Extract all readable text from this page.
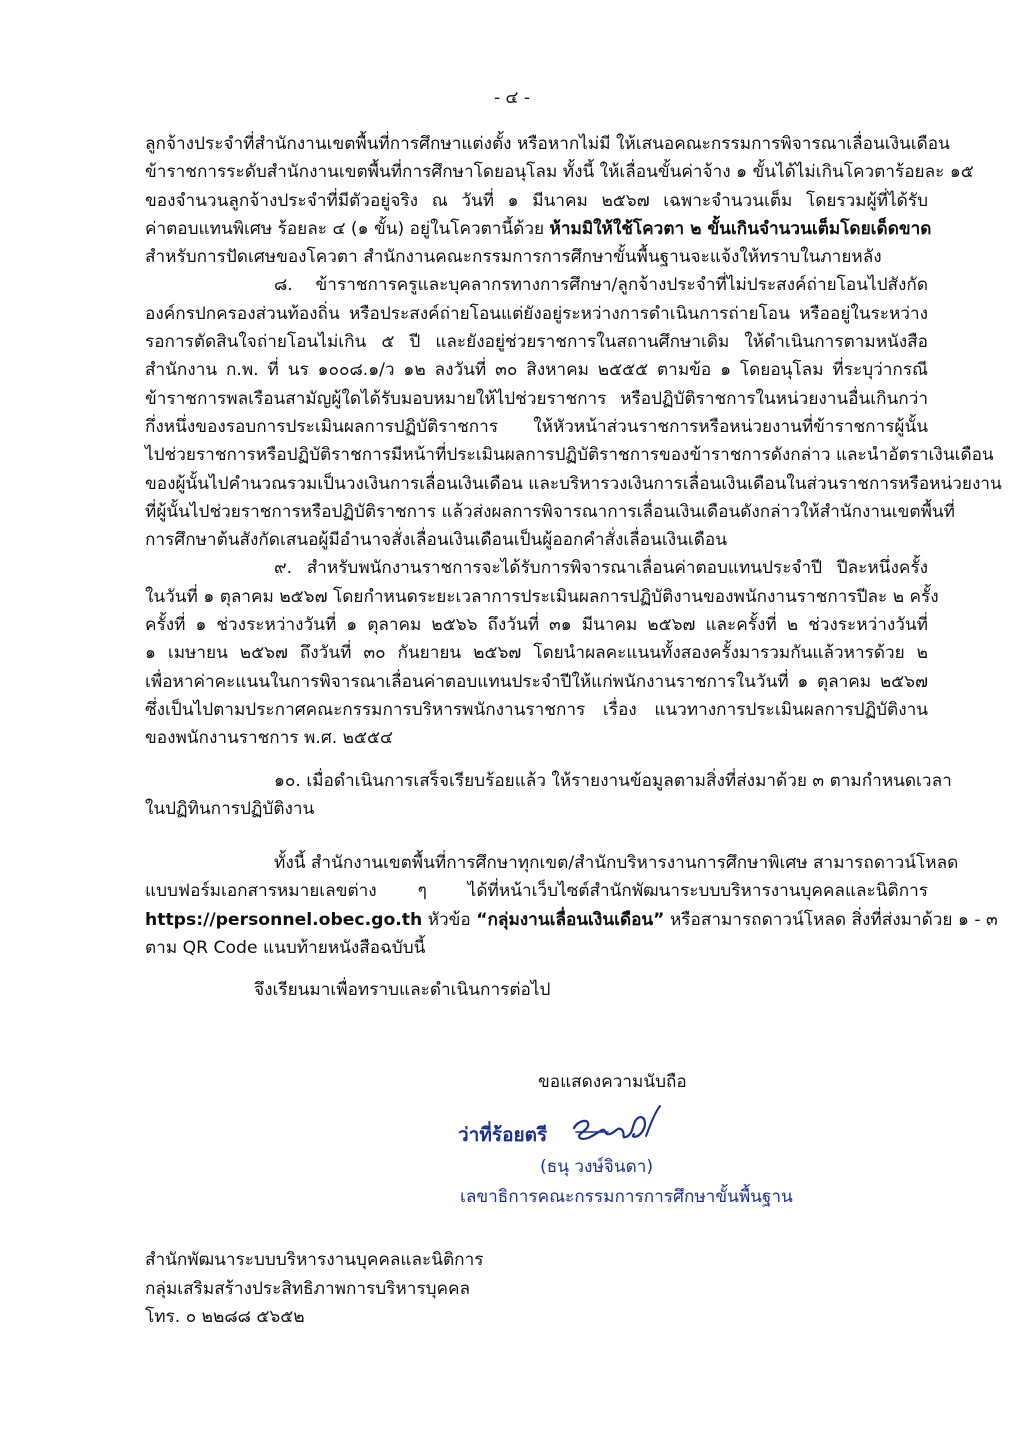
- ๔ -
ลูกจ้างประจำที่สำนักงานเขตพื้นที่การศึกษาแต่งตั้ง หรือหากไม่มี ให้เสนอคณะกรรมการพิจารณาเลื่อนเงินเดือน
ข้าราชการระดับสำนักงานเขตพื้นที่การศึกษาโดยอนุโลม ทั้งนี้ ให้เลื่อนขั้นค่าจ้าง ๑ ขั้นได้ไม่เกินโควตาร้อยละ ๑๕
ของจำนวนลูกจ้างประจำที่มีตัวอยู่จริง ณ วันที่ ๑ มีนาคม ๒๕๖๗ เฉพาะจำนวนเต็ม โดยรวมผู้ที่ได้รับ
ค่าตอบแทนพิเศษ ร้อยละ ๔ (๑ ขั้น) อยู่ในโควตานี้ด้วย ห้ามมิให้ใช้โควตา ๒ ขั้นเกินจำนวนเต็มโดยเด็ดขาด
สำหรับการปัดเศษของโควตา สำนักงานคณะกรรมการการศึกษาขั้นพื้นฐานจะแจ้งให้ทราบในภายหลัง
๘. ข้าราชการครูและบุคลากรทางการศึกษา/ลูกจ้างประจำที่ไม่ประสงค์ถ่ายโอนไปสังกัด
องค์กรปกครองส่วนท้องถิ่น หรือประสงค์ถ่ายโอนแต่ยังอยู่ระหว่างการดำเนินการถ่ายโอน หรืออยู่ในระหว่าง
รอการตัดสินใจถ่ายโอนไม่เกิน ๕ ปี และยังอยู่ช่วยราชการในสถานศึกษาเดิม ให้ดำเนินการตามหนังสือ
สำนักงาน ก.พ. ที่ นร ๑๐๐๘.๑/ว ๑๒ ลงวันที่ ๓๐ สิงหาคม ๒๕๕๕ ตามข้อ ๑ โดยอนุโลม ที่ระบุว่ากรณี
ข้าราชการพลเรือนสามัญผู้ใดได้รับมอบหมายให้ไปช่วยราชการ หรือปฏิบัติราชการในหน่วยงานอื่นเกินกว่า
กึ่งหนึ่งของรอบการประเมินผลการปฏิบัติราชการ ให้หัวหน้าส่วนราชการหรือหน่วยงานที่ข้าราชการผู้นั้น
ไปช่วยราชการหรือปฏิบัติราชการมีหน้าที่ประเมินผลการปฏิบัติราชการของข้าราชการดังกล่าว และนำอัตราเงินเดือน
ของผู้นั้นไปคำนวณรวมเป็นวงเงินการเลื่อนเงินเดือน และบริหารวงเงินการเลื่อนเงินเดือนในส่วนราชการหรือหน่วยงาน
ที่ผู้นั้นไปช่วยราชการหรือปฏิบัติราชการ แล้วส่งผลการพิจารณาการเลื่อนเงินเดือนดังกล่าวให้สำนักงานเขตพื้นที่
การศึกษาต้นสังกัดเสนอผู้มีอำนาจสั่งเลื่อนเงินเดือนเป็นผู้ออกคำสั่งเลื่อนเงินเดือน
๙. สำหรับพนักงานราชการจะได้รับการพิจารณาเลื่อนค่าตอบแทนประจำปี ปีละหนึ่งครั้ง
ในวันที่ ๑ ตุลาคม ๒๕๖๗ โดยกำหนดระยะเวลาการประเมินผลการปฏิบัติงานของพนักงานราชการปีละ ๒ ครั้ง
ครั้งที่ ๑ ช่วงระหว่างวันที่ ๑ ตุลาคม ๒๕๖๖ ถึงวันที่ ๓๑ มีนาคม ๒๕๖๗ และครั้งที่ ๒ ช่วงระหว่างวันที่
๑ เมษายน ๒๕๖๗ ถึงวันที่ ๓๐ กันยายน ๒๕๖๗ โดยนำผลคะแนนทั้งสองครั้งมารวมกันแล้วหารด้วย ๒
เพื่อหาค่าคะแนนในการพิจารณาเลื่อนค่าตอบแทนประจำปีให้แก่พนักงานราชการในวันที่ ๑ ตุลาคม ๒๕๖๗
ซึ่งเป็นไปตามประกาศคณะกรรมการบริหารพนักงานราชการ เรื่อง แนวทางการประเมินผลการปฏิบัติงาน
ของพนักงานราชการ พ.ศ. ๒๕๕๔
๑๐. เมื่อดำเนินการเสร็จเรียบร้อยแล้ว ให้รายงานข้อมูลตามสิ่งที่ส่งมาด้วย ๓ ตามกำหนดเวลา
ในปฏิทินการปฏิบัติงาน
ทั้งนี้ สำนักงานเขตพื้นที่การศึกษาทุกเขต/สำนักบริหารงานการศึกษาพิเศษ สามารถดาวน์โหลด
แบบฟอร์มเอกสารหมายเลขต่าง ๆ ได้ที่หน้าเว็บไซต์สำนักพัฒนาระบบบริหารงานบุคคลและนิติการ
https://personnel.obec.go.th หัวข้อ “กลุ่มงานเลื่อนเงินเดือน” หรือสามารถดาวน์โหลด สิ่งที่ส่งมาด้วย ๑ - ๓
ตาม QR Code แนบท้ายหนังสือฉบับนี้
จึงเรียนมาเพื่อทราบและดำเนินการต่อไป
ขอแสดงความนับถือ
ว่าที่ร้อยตรี
(ธนุ วงษ์จินดา)
เลขาธิการคณะกรรมการการศึกษาขั้นพื้นฐาน
สำนักพัฒนาระบบบริหารงานบุคคลและนิติการ
กลุ่มเสริมสร้างประสิทธิภาพการบริหารบุคคล
โทร. ๐ ๒๒๘๘ ๕๖๕๒
